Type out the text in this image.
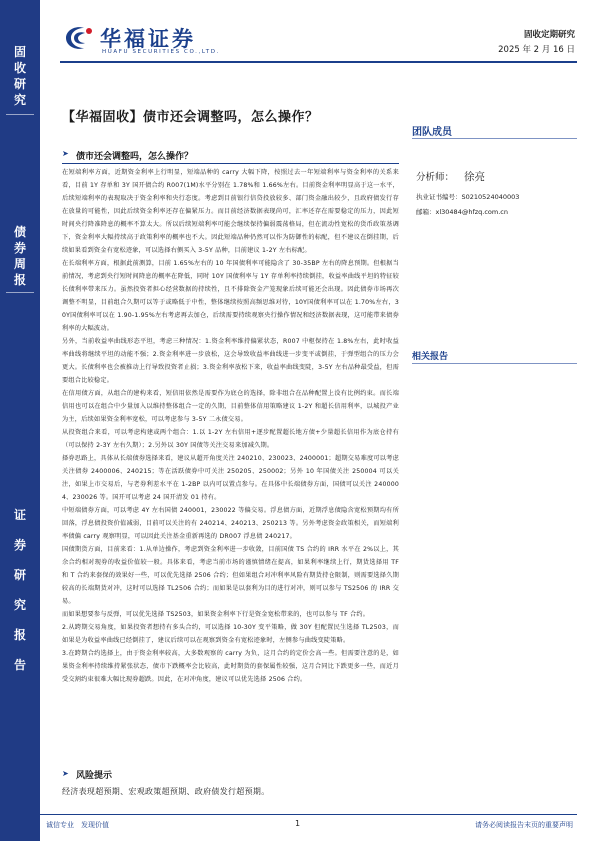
固
收
研
究
债
券
周
报
证
券
研
究
报
告
华福证券
HUAFU SECURITIES CO.,LTD.
固收定期研究
2025 年 2 月 16 日
【华福固收】债市还会调整吗，怎么操作？
团队成员
分析师： 徐亮
执业证书编号：S0210524040003
邮箱：xl30484@hfzq.com.cn
相关报告
➤ 债市还会调整吗，怎么操作？

在短端利率方面，近期资金利率上行明显，短端品种的 carry 大幅下降，按照过去一年短端利率与资金利率的关系来看，目前 1Y 存单和 3Y 国开债合约 R007(1M)水平分别在 1.78%和 1.66%左右。目前资金利率明显高于这一水平，后续短端利率的表现取决于资金利率和央行态度。考虑到目前银行信贷投放较多、部门资金融出较少，且政府债发行存在放量的可能性，因此后续资金利率还存在偏紧压力。而目前经济数据表现尚可，汇率还存在需要稳定的压力，因此短时间央行降准降息的概率不算太大。所以后续短端利率可能会继续保持偏弱震荡格局，但在流动性宽松的货币政策基调下，资金利率大幅持续高于政策利率的概率也不大。因此短端品种仍然可以作为防御性的标配，但不建议在倒挂期，后续如果看到资金有宽松迹象，可以选择右侧买入 3-5Y 品种，目前建议 1-2Y 左右标配。

在长端利率方面，根据此前测算，目前 1.65%左右的 10 年国债利率可能隐含了 30-35BP 左右的降息预期。但根据当前情况，考虑到央行短时间降息的概率在降低，同时 10Y 国债利率与 1Y 存单利率持续倒挂，收益率曲线平坦的特征较长债利率带来压力。虽然投资者担心经营数据的持续性，且不排除资金产笼现象后续可能还会出现。因此债券市场再次调整不明显，目前组合久期可以等于或略低于中性，整体继续按照高频思维对待，10Y国债利率可以在 1.70%左右，30Y国债利率可以在 1.90-1.95%左右考虑再去加仓，后续需要持续观察央行操作情况和经济数据表现，这可能带来债券利率的大幅波动。

另外，当前收益率曲线形态平坦，考虑三种情况：1.资金利率维持偏紧状态，R007 中枢保持在 1.8%左右，此时收益率曲线将继续平坦的动能不强；2.资金利率进一步放松，这会导致收益率曲线进一步变平或倒挂，于弹型组合的压力会更大。长债利率也会被推动上行导致投资者止损；3.资金利率放松下来，收益率曲线变陡，3-5Y 左右品种最受益，但需要组合比较稳定。

在信用债方面，从组合的建构来看，短信用依然是需要作为底仓的选择，除非组合在品种配置上没有比例约束。而长端信用也可以在组合中少量加入以维持整体组合一定的久期，目前整体信用策略建议 1-2Y 和超长信用利率，以城投产业为主，后续如果资金利率宽松，可以考虑参与 3-5Y 二永债交易。

从投资组合来看，可以考虑构建或两个组合：1.以 1-2Y 左右信用+逐步配置超长地方债+少量超长信用作为底仓持有（可以保持 2-3Y 左右久期）；2.另外以 30Y 国债等关注交易来加减久期。

择券思路上，具体从长端债券选择来看，建议从超开角度关注 240210、230023、2400001；超期交易难度可以考虑关注债券 2400006、240215；等在活跃债券中可关注 250205、250002；另外 10 年国债关注 250004 可以关注，如果上市交易后，与老券利差水平在 1-2BP 以内可以置点参与。在具体中长端债券方面，国债可以关注 2400004、230026 等。国开可以考虑 24 国开清发 01 持有。

中短端债券方面，可以考虑 4Y 左右国债 240001，230022 等偏交易。浮息债方面，近期浮息债隐含宽松预期均有所回落，浮息债投资价值减弱，目前可以关注的有 240214、240213、250213 等。另外考虑资金政策相关，而短端利率债偏 carry 观察明显，可以因此关注基金重新再选的 DR007 浮息债 240217。

国债期货方面，目前来看：1.从单边操作，考虑到资金利率进一步收敛，目前国债 TS 合约的 IRR 水平在 2%以上，其余合约相对现券的收益价值较一般。具体来看，考虑当前市场的谨慎情绪在提高，如果利率继续上行，期货选择用 TF 和 T 合约来套保的效果好一些，可以优先选择 2506 合约；但如果组合对冲利率风险有期货持仓限制，则需要选择久期较高的长端期货对冲，这时可以选择 TL2506 合约；而如果是以套利为目的进行对冲，则可以参与 TS2506 的 IRR 交易。

而如果想要参与反弹，可以优先选择 TS2503，如果资金利率下行是资金宽松带来的，也可以参与 TF 合约。

2.从跨期交易角度，如果投资者想持有多头合约，可以选择 10-30Y 变平策略，做 30Y 但配置民生选择 TL2503，而如果是为收益率曲线已经倒挂了，建议后续可以在观察到资金有宽松迹象时，左侧参与曲线变陡策略。

3.在跨期合约选择上，由于资金利率较高，大多数观察的 carry 为负，这月合约的定价会高一些。但需要注意的是，如果资金利率持续维持紧张状态，债市下跌概率会比较高，此时期货的套保属性较强，这月合同比下跌更多一些，而近月受交割约束很难大幅比现券超跌。因此，在对冲角度，建议可以优先选择 2506 合约。

➤ 风险提示
经济表现超预期、宏观政策超预期、政府债发行超预期。
诚信专业　发现价值	1	请务必阅读报告末页的重要声明
